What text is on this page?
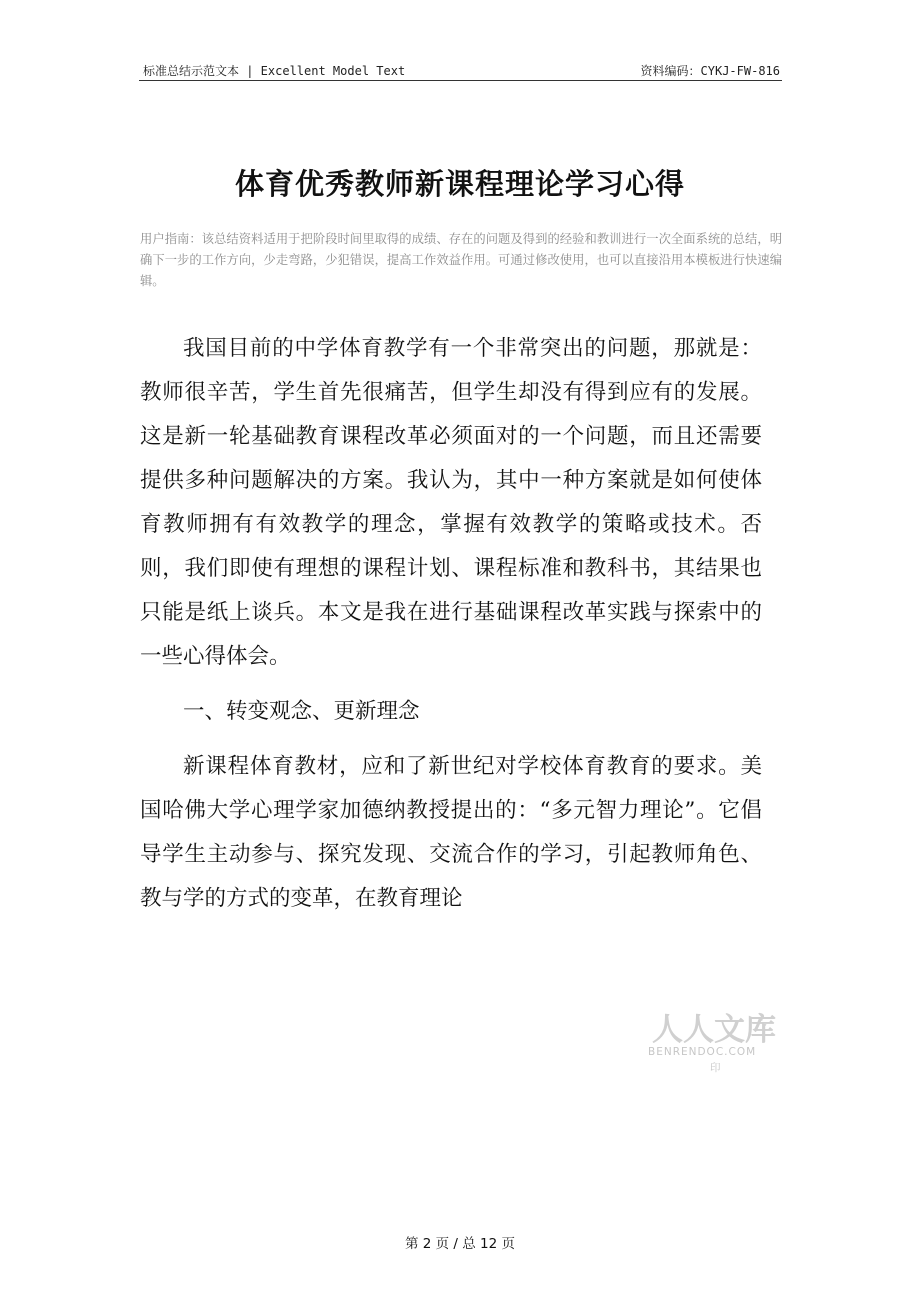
标准总结示范文本 | Excellent Model Text	资料编码：CYKJ-FW-816
体育优秀教师新课程理论学习心得
用户指南：该总结资料适用于把阶段时间里取得的成绩、存在的问题及得到的经验和教训进行一次全面系统的总结，明确下一步的工作方向，少走弯路，少犯错误，提高工作效益作用。可通过修改使用，也可以直接沿用本模板进行快速编辑。

我国目前的中学体育教学有一个非常突出的问题，那就是：教师很辛苦，学生首先很痛苦，但学生却没有得到应有的发展。这是新一轮基础教育课程改革必须面对的一个问题，而且还需要提供多种问题解决的方案。我认为，其中一种方案就是如何使体育教师拥有有效教学的理念，掌握有效教学的策略或技术。否则，我们即使有理想的课程计划、课程标准和教科书，其结果也只能是纸上谈兵。本文是我在进行基础课程改革实践与探索中的一些心得体会。

一、转变观念、更新理念

新课程体育教材，应和了新世纪对学校体育教育的要求。美国哈佛大学心理学家加德纳教授提出的：“多元智力理论”。它倡导学生主动参与、探究发现、交流合作的学习，引起教师角色、教与学的方式的变革，在教育理论

人人文库
BENRENDOC.COM
印
第 2 页 / 总 12 页
